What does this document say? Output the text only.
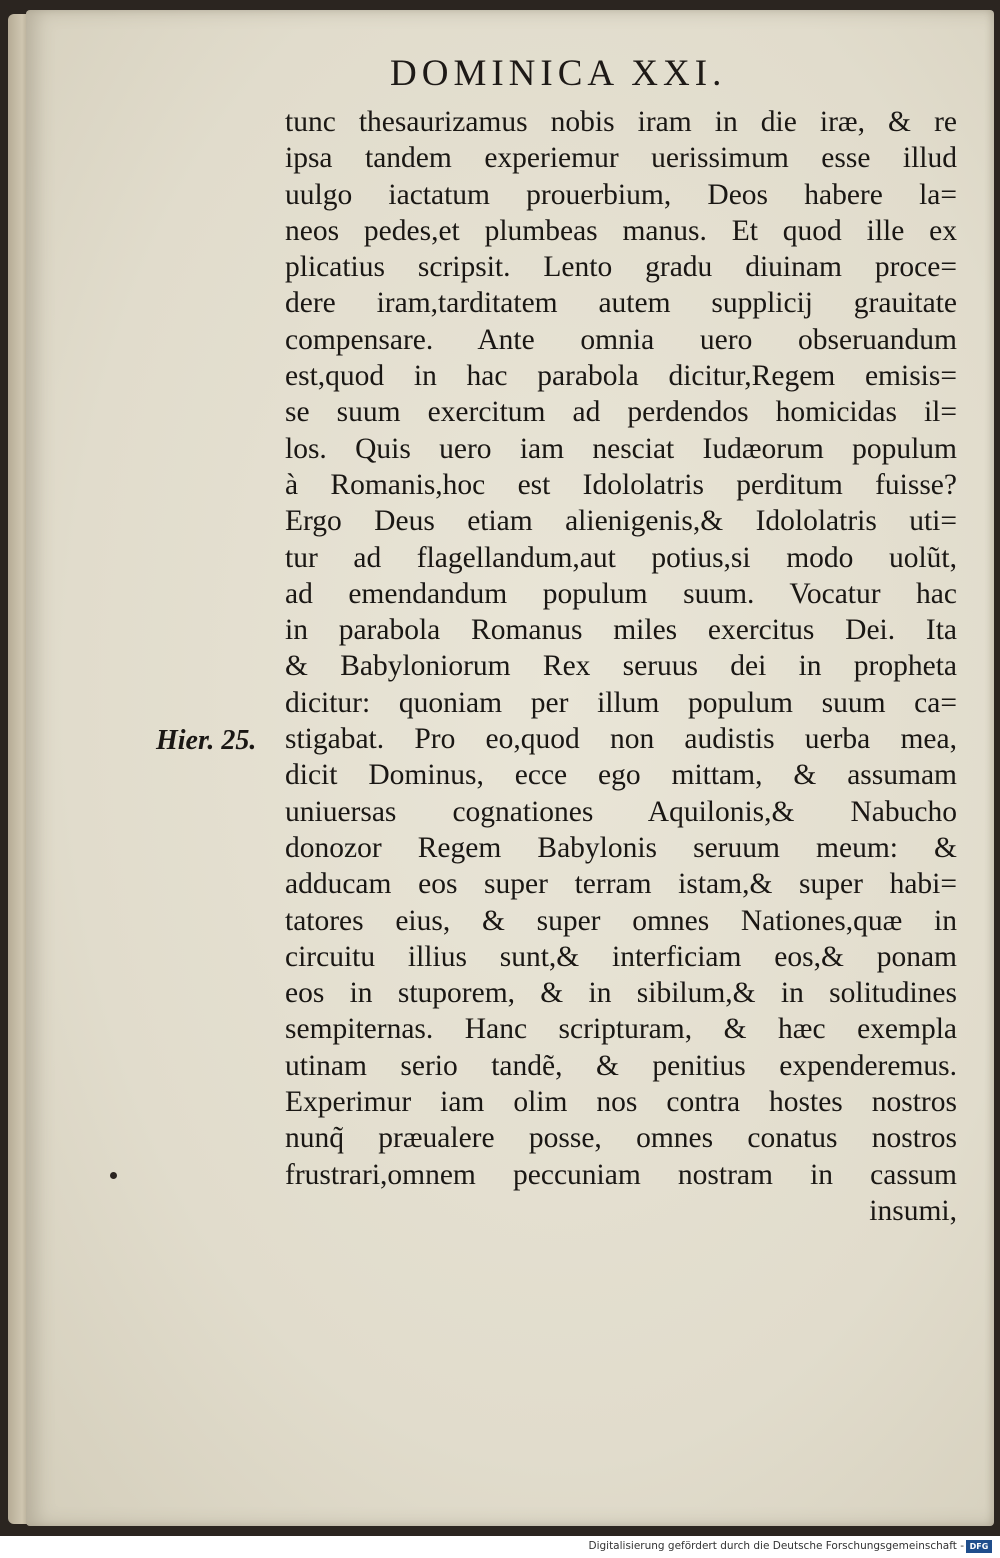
DOMINICA XXI.
Hier. 25.
tunc thesaurizamus nobis iram in die iræ, & re
ipsa tandem experiemur uerissimum esse illud
uulgo iactatum prouerbium, Deos habere la=
neos pedes,et plumbeas manus. Et quod ille ex
plicatius scripsit. Lento gradu diuinam proce=
dere iram,tarditatem autem supplicij grauitate
compensare. Ante omnia uero obseruandum
est,quod in hac parabola dicitur,Regem emisis=
se suum exercitum ad perdendos homicidas il=
los. Quis uero iam nesciat Iudæorum populum
à Romanis,hoc est Idololatris perditum fuisse?
Ergo Deus etiam alienigenis,& Idololatris uti=
tur ad flagellandum,aut potius,si modo uolũt,
ad emendandum populum suum. Vocatur hac
in parabola Romanus miles exercitus Dei. Ita
& Babyloniorum Rex seruus dei in propheta
dicitur: quoniam per illum populum suum ca=
stigabat. Pro eo,quod non audistis uerba mea,
dicit Dominus, ecce ego mittam, & assumam
uniuersas cognationes Aquilonis,& Nabucho
donozor Regem Babylonis seruum meum: &
adducam eos super terram istam,& super habi=
tatores eius, & super omnes Nationes,quæ in
circuitu illius sunt,& interficiam eos,& ponam
eos in stuporem, & in sibilum,& in solitudines
sempiternas. Hanc scripturam, & hæc exempla
utinam serio tandẽ, & penitius expenderemus.
Experimur iam olim nos contra hostes nostros
nunq̃ præualere posse, omnes conatus nostros
frustrari,omnem peccuniam nostram in cassum
insumi,
Digitalisierung gefördert durch die Deutsche Forschungsgemeinschaft - DFG
